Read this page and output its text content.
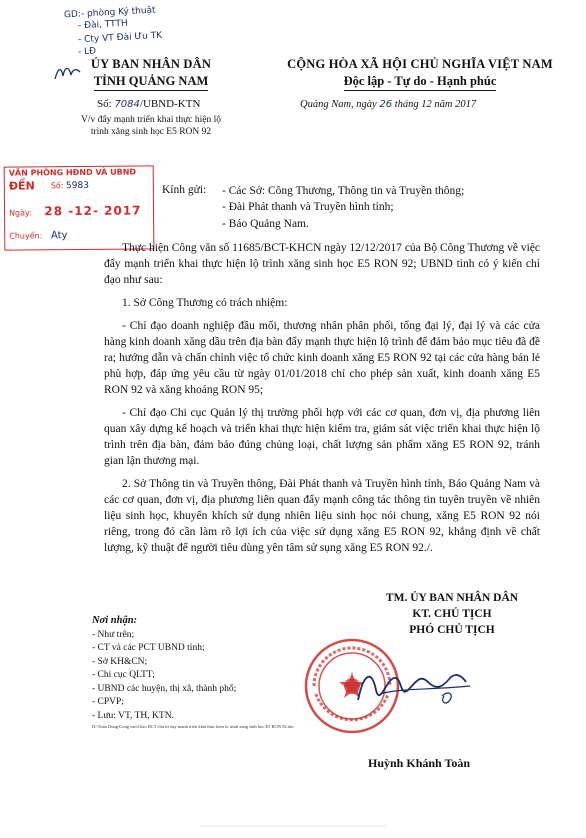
GD:- phòng Ký thuật
- Đài, TTTH
- Cty VT Đài Ưu TK
- LĐ
ỦY BAN NHÂN DÂN
TỈNH QUẢNG NAM
CỘNG HÒA XÃ HỘI CHỦ NGHĨA VIỆT NAM
Độc lập - Tự do - Hạnh phúc
Số: 7084/UBND-KTN
V/v đẩy mạnh triển khai thực hiện lộ trình xăng sinh học E5 RON 92
Quảng Nam, ngày 26 tháng 12 năm 2017
VĂN PHÒNG HĐND VÀ UBND
ĐẾN Số: 5983
Ngày: 28 -12- 2017
Chuyển: Aty
Kính gửi: - Các Sở: Công Thương, Thông tin và Truyền thông;
- Đài Phát thanh và Truyền hình tỉnh;
- Báo Quảng Nam.

Thực hiện Công văn số 11685/BCT-KHCN ngày 12/12/2017 của Bộ Công Thương về việc đẩy mạnh triển khai thực hiện lộ trình xăng sinh học E5 RON 92; UBND tỉnh có ý kiến chỉ đạo như sau:

1. Sở Công Thương có trách nhiệm:

- Chỉ đạo doanh nghiệp đầu mối, thương nhân phân phối, tổng đại lý, đại lý và các cửa hàng kinh doanh xăng dầu trên địa bàn đẩy mạnh thực hiện lộ trình để đảm bảo mục tiêu đã đề ra; hướng dẫn và chấn chỉnh việc tổ chức kinh doanh xăng E5 RON 92 tại các cửa hàng bán lẻ phù hợp, đáp ứng yêu cầu từ ngày 01/01/2018 chỉ cho phép sản xuất, kinh doanh xăng E5 RON 92 và xăng khoáng RON 95;

- Chỉ đạo Chi cục Quản lý thị trường phối hợp với các cơ quan, đơn vị, địa phương liên quan xây dựng kế hoạch và triển khai thực hiện kiểm tra, giám sát việc triển khai thực hiện lộ trình trên địa bàn, đảm bảo đúng chủng loại, chất lượng sản phẩm xăng E5 RON 92, tránh gian lận thương mại.

2. Sở Thông tin và Truyền thông, Đài Phát thanh và Truyền hình tỉnh, Báo Quảng Nam và các cơ quan, đơn vị, địa phương liên quan đẩy mạnh công tác thông tin tuyên truyền về nhiên liệu sinh học, khuyến khích sử dụng nhiên liệu sinh học nói chung, xăng E5 RON 92 nói riêng, trong đó cần làm rõ lợi ích của việc sử dụng xăng E5 RON 92, khẳng định về chất lượng, kỹ thuật để người tiêu dùng yên tâm sử sụng xăng E5 RON 92./.

Nơi nhận:
- Như trên;
- CT và các PCT UBND tỉnh;
- Sở KH&CN;
- Chi cục QLTT;
- UBND các huyện, thị xã, thành phố;
- CPVP;
- Lưu: VT, TH, KTN.
D:\Tuan Dung\Cong van\Giao BCT chu tri day manh trien khai thuc hien lo trinh xang sinh hoc E5 RON 92.doc
TM. ỦY BAN NHÂN DÂN
KT. CHỦ TỊCH
PHÓ CHỦ TỊCH
Huỳnh Khánh Toàn
